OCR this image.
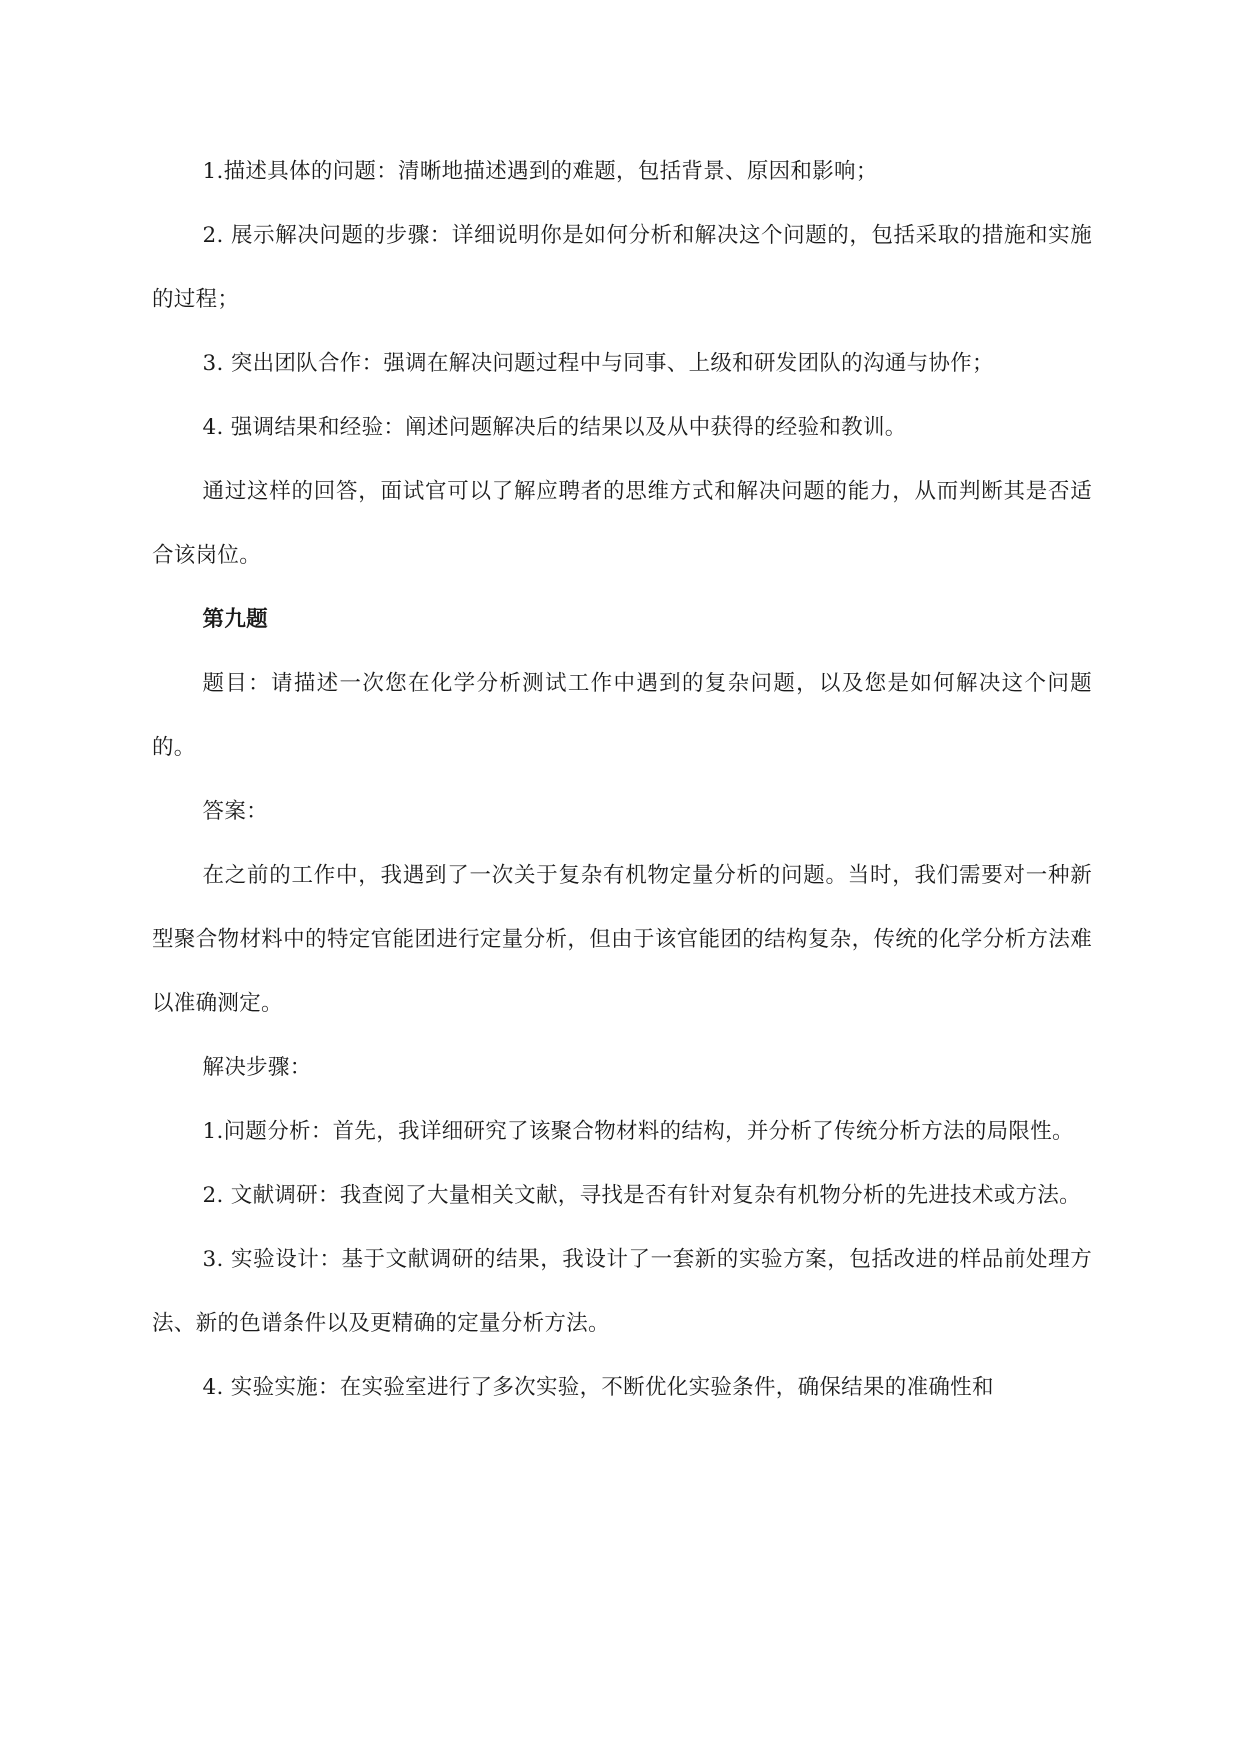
1.描述具体的问题：清晰地描述遇到的难题，包括背景、原因和影响；

2. 展示解决问题的步骤：详细说明你是如何分析和解决这个问题的，包括采取的措施和实施的过程；

3. 突出团队合作：强调在解决问题过程中与同事、上级和研发团队的沟通与协作；

4. 强调结果和经验：阐述问题解决后的结果以及从中获得的经验和教训。

通过这样的回答，面试官可以了解应聘者的思维方式和解决问题的能力，从而判断其是否适合该岗位。

第九题

题目：请描述一次您在化学分析测试工作中遇到的复杂问题，以及您是如何解决这个问题的。

答案：

在之前的工作中，我遇到了一次关于复杂有机物定量分析的问题。当时，我们需要对一种新型聚合物材料中的特定官能团进行定量分析，但由于该官能团的结构复杂，传统的化学分析方法难以准确测定。

解决步骤：

1.问题分析：首先，我详细研究了该聚合物材料的结构，并分析了传统分析方法的局限性。

2. 文献调研：我查阅了大量相关文献，寻找是否有针对复杂有机物分析的先进技术或方法。

3. 实验设计：基于文献调研的结果，我设计了一套新的实验方案，包括改进的样品前处理方法、新的色谱条件以及更精确的定量分析方法。

4. 实验实施：在实验室进行了多次实验，不断优化实验条件，确保结果的准确性和
